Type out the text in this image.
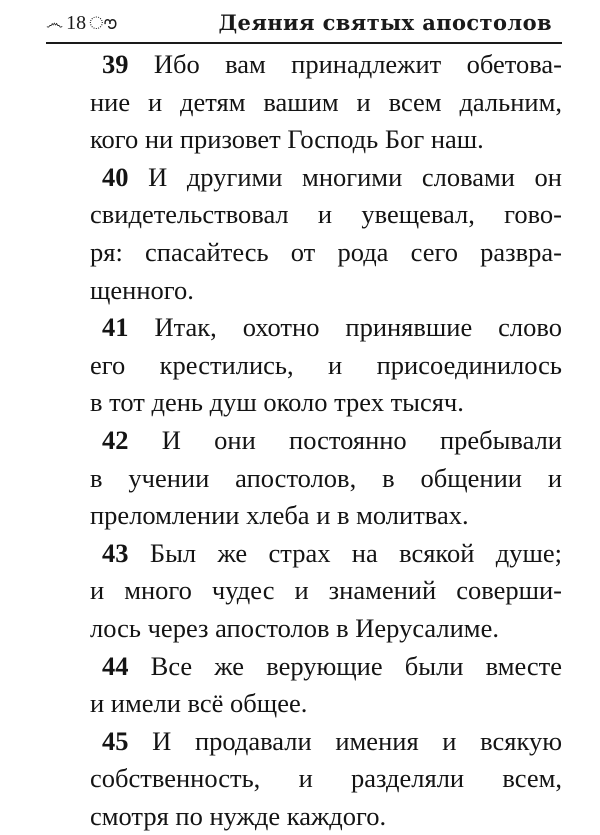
෴ 18 ൗ	Деяния святых апостолов
39 Ибо вам принадлежит обетова-
ние и детям вашим и всем дальним,
кого ни призовет Господь Бог наш.
40 И другими многими словами он
свидетельствовал и увещевал, гово-
ря: спасайтесь от рода сего развра-
щенного.
41 Итак, охотно принявшие слово
его крестились, и присоединилось
в тот день душ около трех тысяч.
42 И они постоянно пребывали
в учении апостолов, в общении и
преломлении хлеба и в молитвах.
43 Был же страх на всякой душе;
и много чудес и знамений соверши-
лось через апостолов в Иерусалиме.
44 Все же верующие были вместе
и имели всё общее.
45 И продавали имения и всякую
собственность, и разделяли всем,
смотря по нужде каждого.
